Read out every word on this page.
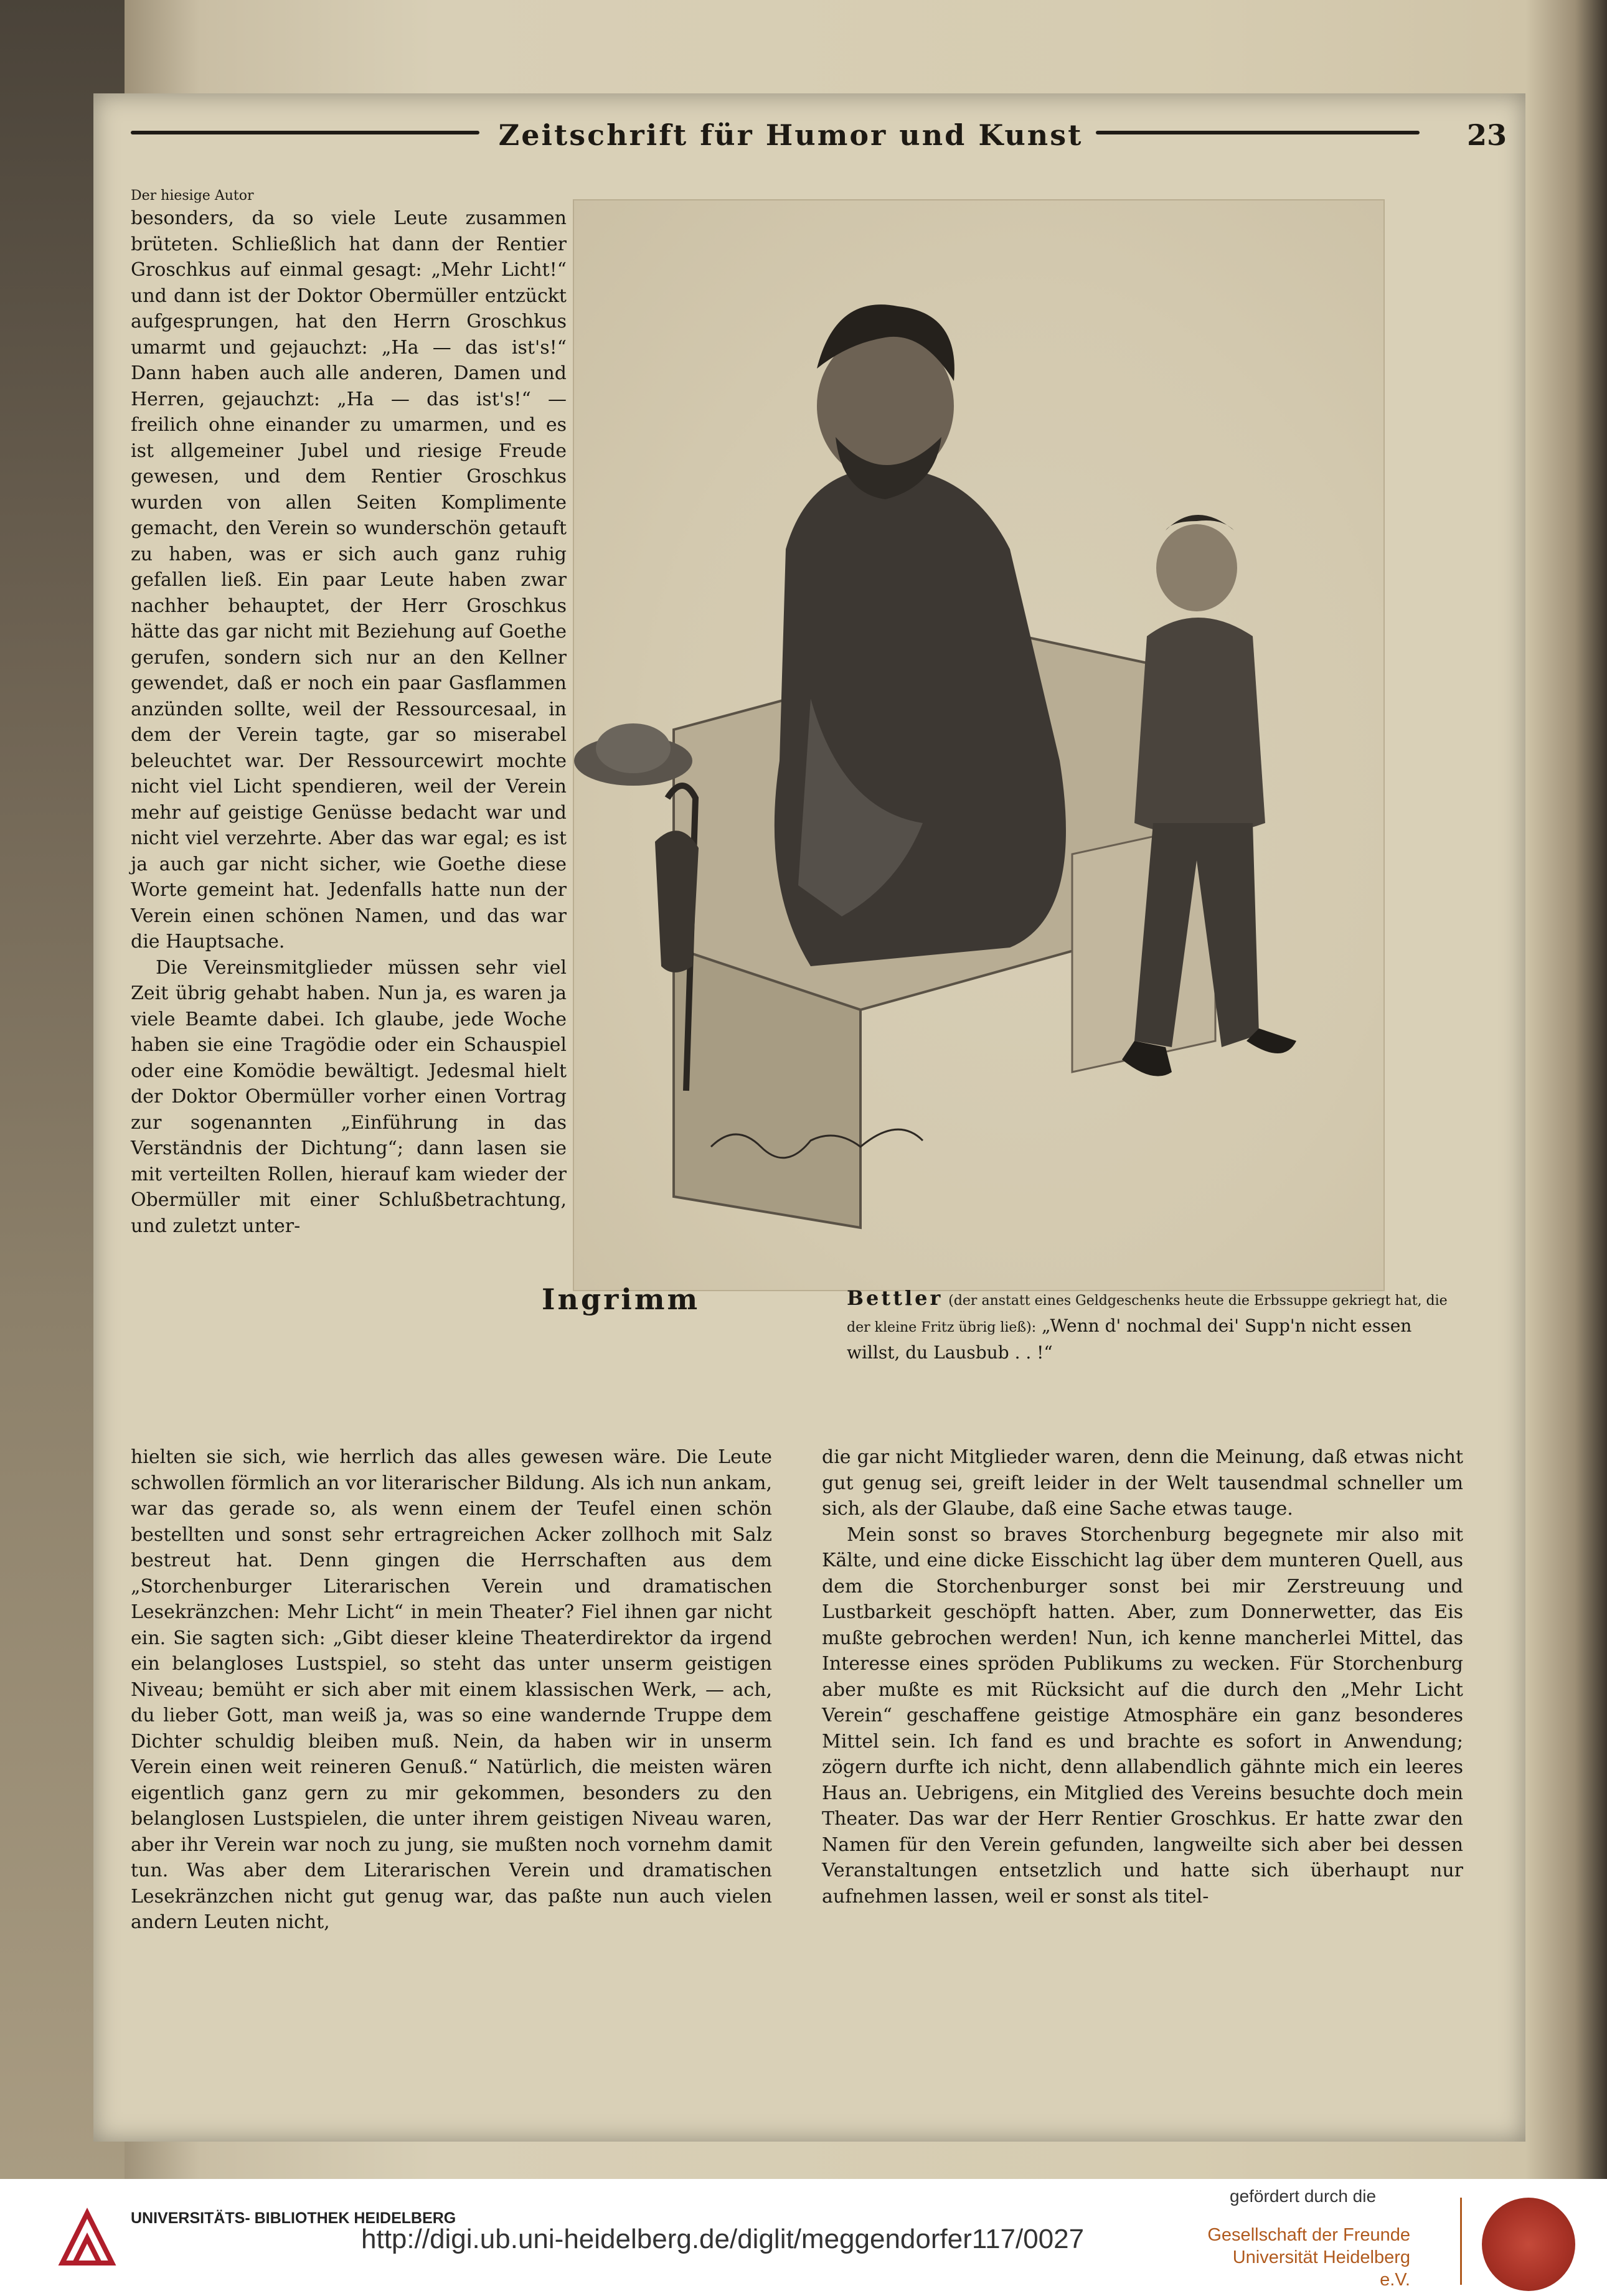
Zeitschrift für Humor und Kunst	23

Der hiesige Autor

besonders, da so viele Leute zusammen brüteten. Schließlich hat dann der Rentier Groschkus auf einmal gesagt: „Mehr Licht!“ und dann ist der Doktor Obermüller entzückt aufgesprungen, hat den Herrn Groschkus umarmt und gejauchzt: „Ha — das ist's!“ Dann haben auch alle anderen, Damen und Herren, gejauchzt: „Ha — das ist's!“ — freilich ohne einander zu umarmen, und es ist allgemeiner Jubel und riesige Freude gewesen, und dem Rentier Groschkus wurden von allen Seiten Komplimente gemacht, den Verein so wunderschön getauft zu haben, was er sich auch ganz ruhig gefallen ließ. Ein paar Leute haben zwar nachher behauptet, der Herr Groschkus hätte das gar nicht mit Beziehung auf Goethe gerufen, sondern sich nur an den Kellner gewendet, daß er noch ein paar Gasflammen anzünden sollte, weil der Ressourcesaal, in dem der Verein tagte, gar so miserabel beleuchtet war. Der Ressourcewirt mochte nicht viel Licht spendieren, weil der Verein mehr auf geistige Genüsse bedacht war und nicht viel verzehrte. Aber das war egal; es ist ja auch gar nicht sicher, wie Goethe diese Worte gemeint hat. Jedenfalls hatte nun der Verein einen schönen Namen, und das war die Hauptsache.

Die Vereinsmitglieder müssen sehr viel Zeit übrig gehabt haben. Nun ja, es waren ja viele Beamte dabei. Ich glaube, jede Woche haben sie eine Tragödie oder ein Schauspiel oder eine Komödie bewältigt. Jedesmal hielt der Doktor Obermüller vorher einen Vortrag zur sogenannten „Einführung in das Verständnis der Dichtung“; dann lasen sie mit verteilten Rollen, hierauf kam wieder der Obermüller mit einer Schlußbetrachtung, und zuletzt unter-

Ingrimm	Bettler (der anstatt eines Geldgeschenks heute die Erbssuppe gekriegt hat, die der kleine Fritz übrig ließ): „Wenn d' nochmal dei' Supp'n nicht essen willst, du Lausbub . . !“

hielten sie sich, wie herrlich das alles gewesen wäre. Die Leute schwollen förmlich an vor literarischer Bildung. Als ich nun ankam, war das gerade so, als wenn einem der Teufel einen schön bestellten und sonst sehr ertragreichen Acker zollhoch mit Salz bestreut hat. Denn gingen die Herrschaften aus dem „Storchenburger Literarischen Verein und dramatischen Lesekränzchen: Mehr Licht“ in mein Theater? Fiel ihnen gar nicht ein. Sie sagten sich: „Gibt dieser kleine Theaterdirektor da irgend ein belangloses Lustspiel, so steht das unter unserm geistigen Niveau; bemüht er sich aber mit einem klassischen Werk, — ach, du lieber Gott, man weiß ja, was so eine wandernde Truppe dem Dichter schuldig bleiben muß. Nein, da haben wir in unserm Verein einen weit reineren Genuß.“ Natürlich, die meisten wären eigentlich ganz gern zu mir gekommen, besonders zu den belanglosen Lustspielen, die unter ihrem geistigen Niveau waren, aber ihr Verein war noch zu jung, sie mußten noch vornehm damit tun. Was aber dem Literarischen Verein und dramatischen Lesekränzchen nicht gut genug war, das paßte nun auch vielen andern Leuten nicht,

die gar nicht Mitglieder waren, denn die Meinung, daß etwas nicht gut genug sei, greift leider in der Welt tausendmal schneller um sich, als der Glaube, daß eine Sache etwas tauge.

Mein sonst so braves Storchenburg begegnete mir also mit Kälte, und eine dicke Eisschicht lag über dem munteren Quell, aus dem die Storchenburger sonst bei mir Zerstreuung und Lustbarkeit geschöpft hatten. Aber, zum Donnerwetter, das Eis mußte gebrochen werden! Nun, ich kenne mancherlei Mittel, das Interesse eines spröden Publikums zu wecken. Für Storchenburg aber mußte es mit Rücksicht auf die durch den „Mehr Licht Verein“ geschaffene geistige Atmosphäre ein ganz besonderes Mittel sein. Ich fand es und brachte es sofort in Anwendung; zögern durfte ich nicht, denn allabendlich gähnte mich ein leeres Haus an. Uebrigens, ein Mitglied des Vereins besuchte doch mein Theater. Das war der Herr Rentier Groschkus. Er hatte zwar den Namen für den Verein gefunden, langweilte sich aber bei dessen Veranstaltungen entsetzlich und hatte sich überhaupt nur aufnehmen lassen, weil er sonst als titel-

UNIVERSITÄTS- BIBLIOTHEK HEIDELBERG
http://digi.ub.uni-heidelberg.de/diglit/meggendorfer117/0027
gefördert durch die
Gesellschaft der Freunde Universität Heidelberg e.V.
